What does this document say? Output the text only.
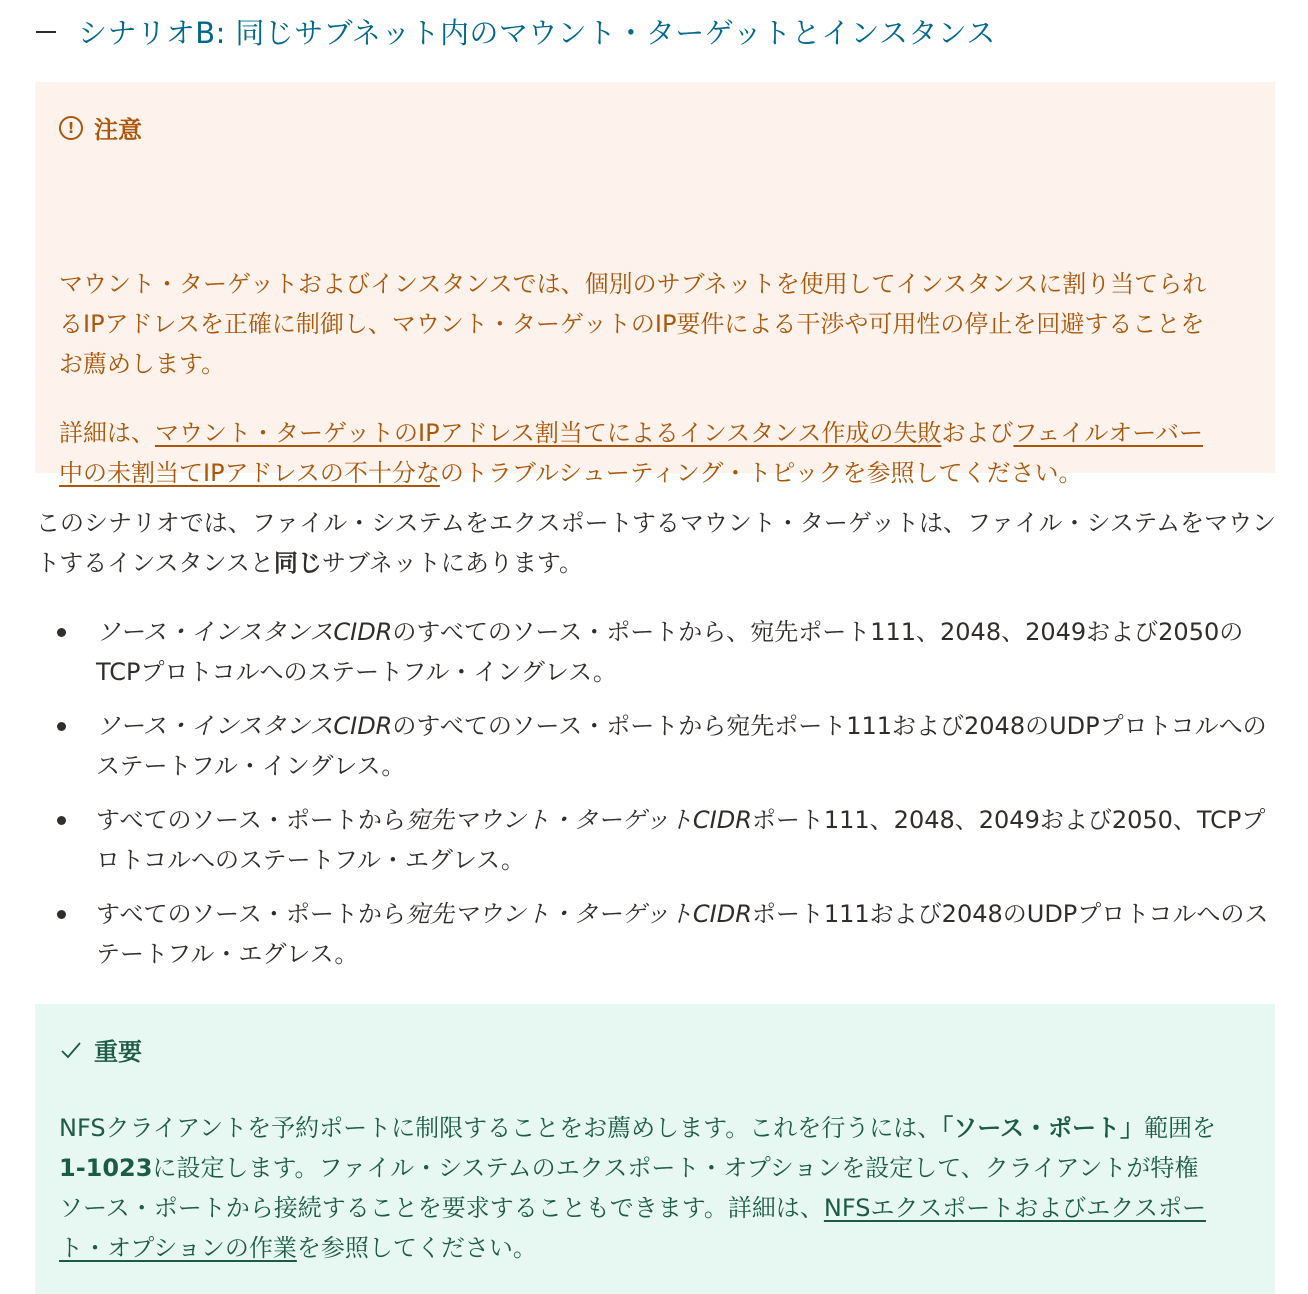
シナリオB: 同じサブネット内のマウント・ターゲットとインスタンス
! 注意
マウント・ターゲットおよびインスタンスでは、個別のサブネットを使用してインスタンスに割り当てられるIPアドレスを正確に制御し、マウント・ターゲットのIP要件による干渉や可用性の停止を回避することをお薦めします。
詳細は、マウント・ターゲットのIPアドレス割当てによるインスタンス作成の失敗およびフェイルオーバー中の未割当てIPアドレスの不十分なのトラブルシューティング・トピックを参照してください。
このシナリオでは、ファイル・システムをエクスポートするマウント・ターゲットは、ファイル・システムをマウントするインスタンスと同じサブネットにあります。
ソース・インスタンスCIDRのすべてのソース・ポートから、宛先ポート111、2048、2049および2050のTCPプロトコルへのステートフル・イングレス。
ソース・インスタンスCIDRのすべてのソース・ポートから宛先ポート111および2048のUDPプロトコルへのステートフル・イングレス。
すべてのソース・ポートから宛先マウント・ターゲットCIDRポート111、2048、2049および2050、TCPプロトコルへのステートフル・エグレス。
すべてのソース・ポートから宛先マウント・ターゲットCIDRポート111および2048のUDPプロトコルへのステートフル・エグレス。
重要
NFSクライアントを予約ポートに制限することをお薦めします。これを行うには、「ソース・ポート」範囲を1-1023に設定します。ファイル・システムのエクスポート・オプションを設定して、クライアントが特権ソース・ポートから接続することを要求することもできます。詳細は、NFSエクスポートおよびエクスポート・オプションの作業を参照してください。
